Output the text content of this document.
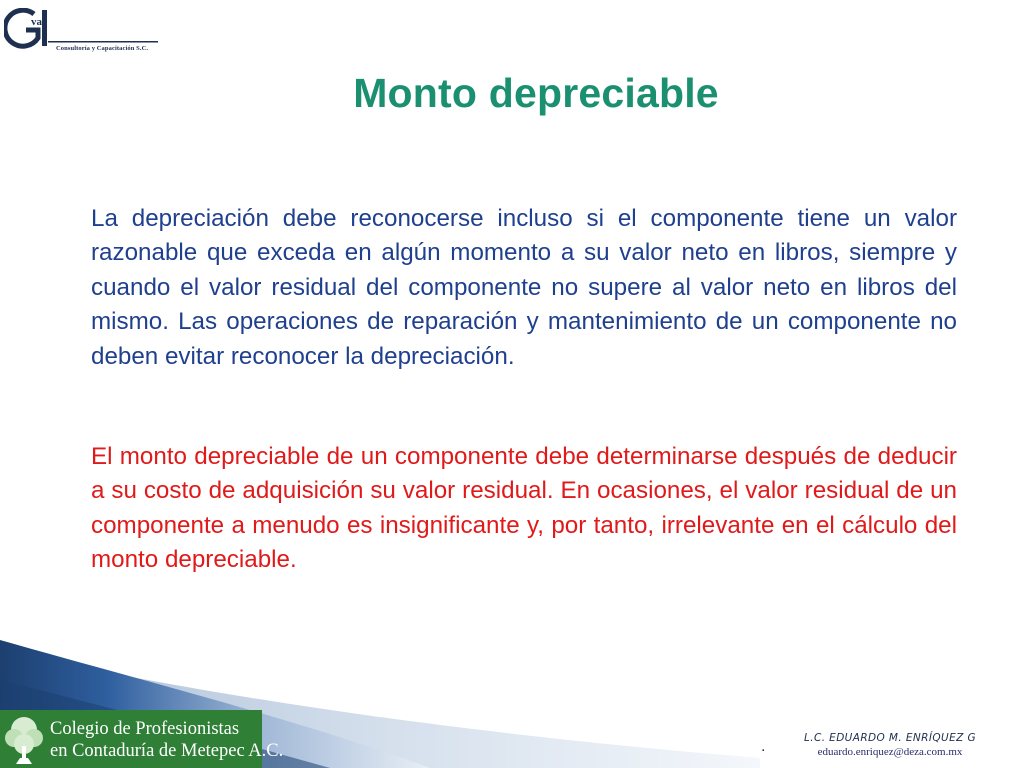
va
Consultoría y Capacitación S.C.
Monto depreciable
La depreciación debe reconocerse incluso si el componente tiene un valor razonable que exceda en algún momento a su valor neto en libros, siempre y cuando el valor residual del componente no supere al valor neto en libros del mismo. Las operaciones de reparación y mantenimiento de un componente no deben evitar reconocer la depreciación.
El monto depreciable de un componente debe determinarse después de deducir a su costo de adquisición su valor residual. En ocasiones, el valor residual de un componente a menudo es insignificante y, por tanto, irrelevante en el cálculo del monto depreciable.
Colegio de Profesionistas
en Contaduría de Metepec A.C.	.	L.C. EDUARDO M. ENRÍQUEZ G
eduardo.enriquez@deza.com.mx
